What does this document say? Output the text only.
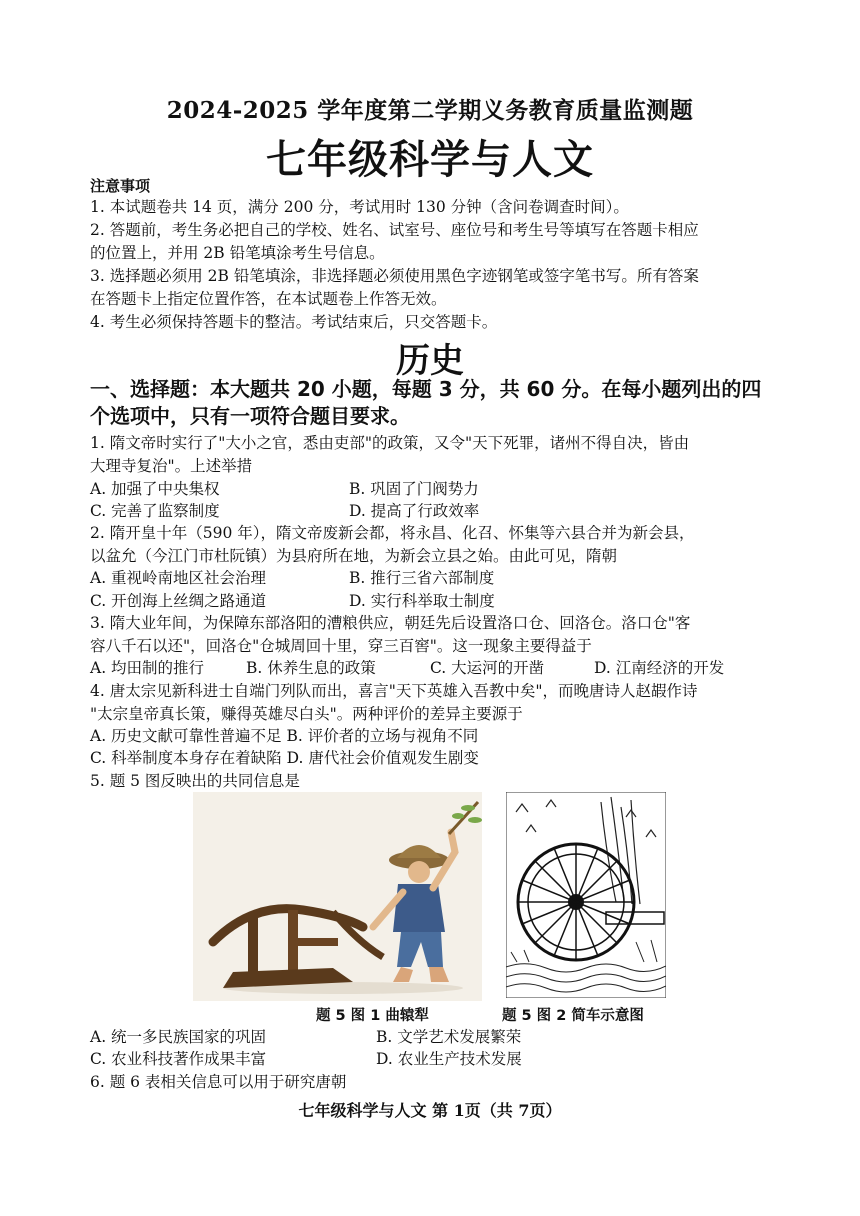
2024-2025 学年度第二学期义务教育质量监测题
七年级科学与人文
注意事项
1. 本试题卷共 14 页，满分 200 分，考试用时 130 分钟（含问卷调查时间）。
2. 答题前，考生务必把自己的学校、姓名、试室号、座位号和考生号等填写在答题卡相应
的位置上，并用 2B 铅笔填涂考生号信息。
3. 选择题必须用 2B 铅笔填涂，非选择题必须使用黑色字迹钢笔或签字笔书写。所有答案
在答题卡上指定位置作答，在本试题卷上作答无效。
4. 考生必须保持答题卡的整洁。考试结束后，只交答题卡。
历史
一、选择题：本大题共 20 小题，每题 3 分，共 60 分。在每小题列出的四个选项中，只有一项符合题目要求。
1. 隋文帝时实行了"大小之官，悉由吏部"的政策，又令"天下死罪，诸州不得自决，皆由
大理寺复治"。上述举措
A. 加强了中央集权	B. 巩固了门阀势力
C. 完善了监察制度	D. 提高了行政效率
2. 隋开皇十年（590 年），隋文帝废新会都，将永昌、化召、怀集等六县合并为新会县，
以盆允（今江门市杜阮镇）为县府所在地，为新会立县之始。由此可见，隋朝
A. 重视岭南地区社会治理	B. 推行三省六部制度
C. 开创海上丝绸之路通道	D. 实行科举取士制度
3. 隋大业年间，为保障东部洛阳的漕粮供应，朝廷先后设置洛口仓、回洛仓。洛口仓"客
容八千石以还"，回洛仓"仓城周回十里，穿三百窖"。这一现象主要得益于
A. 均田制的推行	B. 休养生息的政策	C. 大运河的开凿	D. 江南经济的开发
4. 唐太宗见新科进士自端门列队而出，喜言"天下英雄入吾教中矣"，而晚唐诗人赵嘏作诗
"太宗皇帝真长策，赚得英雄尽白头"。两种评价的差异主要源于
A. 历史文献可靠性普遍不足 B. 评价者的立场与视角不同
C. 科举制度本身存在着缺陷 D. 唐代社会价值观发生剧变
5. 题 5 图反映出的共同信息是
题 5 图 1 曲辕犁	题 5 图 2 简车示意图
A. 统一多民族国家的巩固	B. 文学艺术发展繁荣
C. 农业科技著作成果丰富	D. 农业生产技术发展
6. 题 6 表相关信息可以用于研究唐朝
七年级科学与人文 第 1页（共 7页）
